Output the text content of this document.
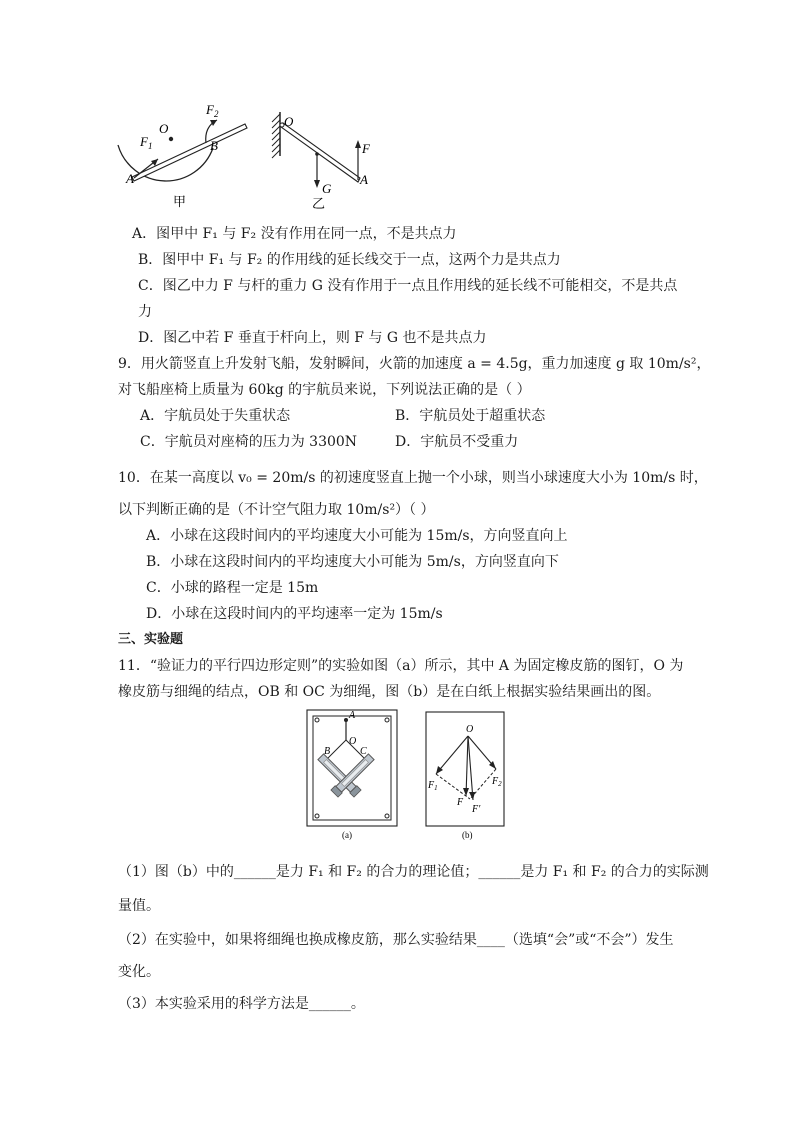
$F_1$
O
$F_2$
B
A
甲
O
F
A
G
乙
A．图甲中 F₁ 与 F₂ 没有作用在同一点，不是共点力
B．图甲中 F₁ 与 F₂ 的作用线的延长线交于一点，这两个力是共点力
C．图乙中力 F 与杆的重力 G 没有作用于一点且作用线的延长线不可能相交，不是共点
力
D．图乙中若 F 垂直于杆向上，则 F 与 G 也不是共点力
9．用火箭竖直上升发射飞船，发射瞬间，火箭的加速度 a = 4.5g，重力加速度 g 取 10m/s²，
对飞船座椅上质量为 60kg 的宇航员来说，下列说法正确的是（ ）
A．宇航员处于失重状态	B．宇航员处于超重状态
C．宇航员对座椅的压力为 3300N	D．宇航员不受重力
10．在某一高度以 v₀ = 20m/s 的初速度竖直上抛一个小球，则当小球速度大小为 10m/s 时，
以下判断正确的是（不计空气阻力取 10m/s²）（ ）
A．小球在这段时间内的平均速度大小可能为 15m/s，方向竖直向上
B．小球在这段时间内的平均速度大小可能为 5m/s，方向竖直向下
C．小球的路程一定是 15m
D．小球在这段时间内的平均速率一定为 15m/s
三、实验题
11．“验证力的平行四边形定则”的实验如图（a）所示，其中 A 为固定橡皮筋的图钉，O 为
橡皮筋与细绳的结点，OB 和 OC 为细绳，图（b）是在白纸上根据实验结果画出的图。
A
O
B	C
(a)
O
$F_1$
$F_2$
F
F′
(b)
（1）图（b）中的______是力 F₁ 和 F₂ 的合力的理论值；______是力 F₁ 和 F₂ 的合力的实际测
量值。
（2）在实验中，如果将细绳也换成橡皮筋，那么实验结果____（选填“会”或“不会”）发生
变化。
（3）本实验采用的科学方法是______。
